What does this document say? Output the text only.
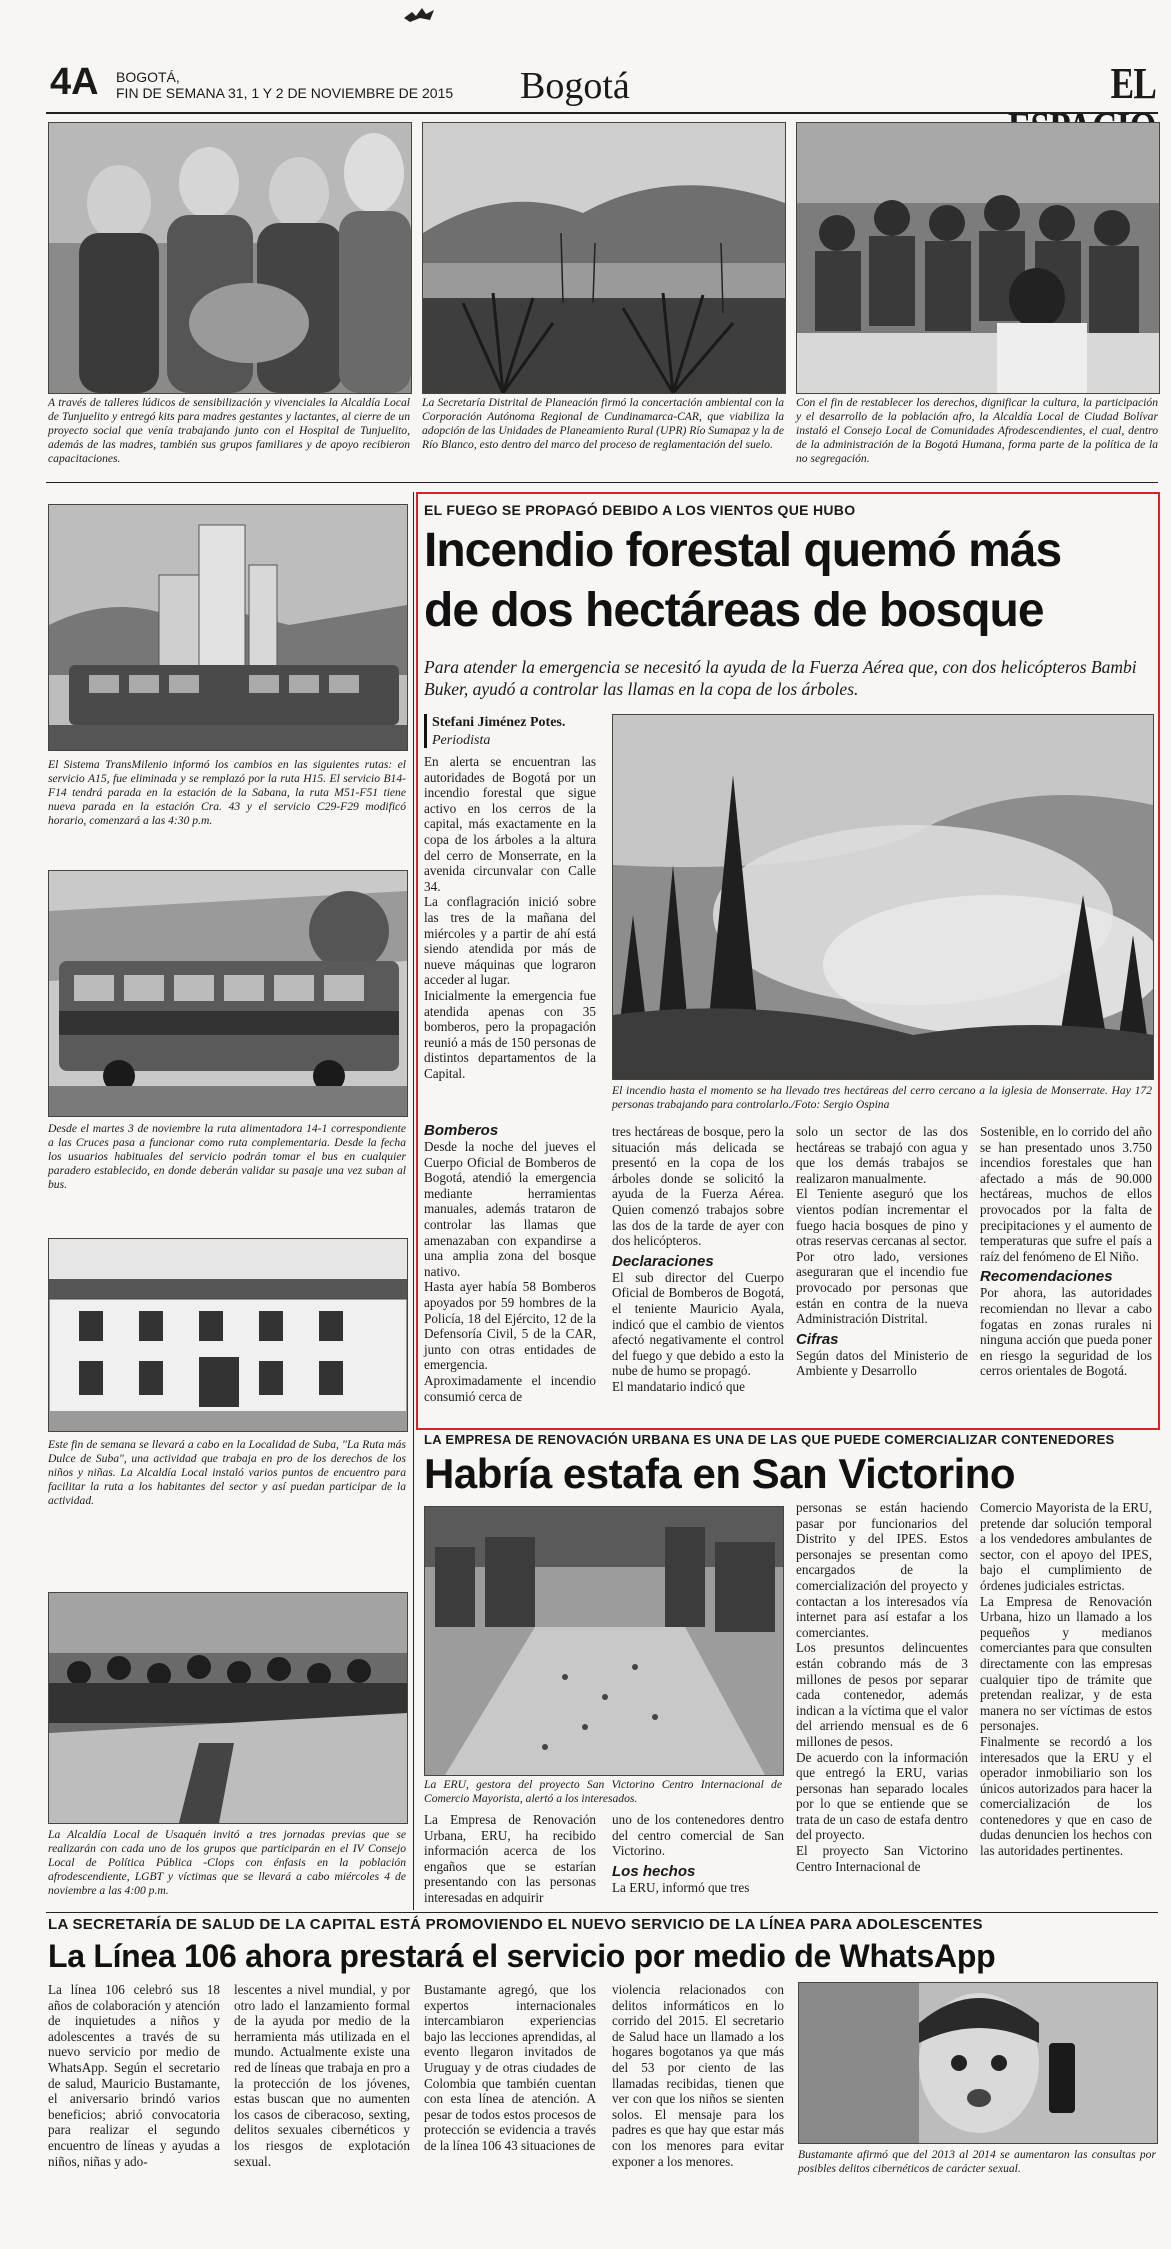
4A BOGOTÁ,
FIN DE SEMANA 31, 1 Y 2 DE NOVIEMBRE DE 2015 Bogotá	EL
A través de talleres lúdicos de sensibilización y vivenciales la Alcaldía Local de Tunjuelito y entregó kits para madres gestantes y lactantes, al cierre de un proyecto social que venía trabajando junto con el Hospital de Tunjuelito, además de las madres, también sus grupos familiares y de apoyo recibieron capacitaciones.
La Secretaría Distrital de Planeación firmó la concertación ambiental con la Corporación Autónoma Regional de Cundinamarca-CAR, que viabiliza la adopción de las Unidades de Planeamiento Rural (UPR) Río Sumapaz y la de Río Blanco, esto dentro del marco del proceso de reglamentación del suelo.
Con el fin de restablecer los derechos, dignificar la cultura, la participación y el desarrollo de la población afro, la Alcaldía Local de Ciudad Bolívar instaló el Consejo Local de Comunidades Afrodescendientes, el cual, dentro de la administración de la Bogotá Humana, forma parte de la política de la no segregación.
El Sistema TransMilenio informó los cambios en las siguientes rutas: el servicio A15, fue eliminada y se remplazó por la ruta H15. El servicio B14-F14 tendrá parada en la estación de la Sabana, la ruta M51-F51 tiene nueva parada en la estación Cra. 43 y el servicio C29-F29 modificó horario, comenzará a las 4:30 p.m.
Desde el martes 3 de noviembre la ruta alimentadora 14-1 correspondiente a las Cruces pasa a funcionar como ruta complementaria. Desde la fecha los usuarios habituales del servicio podrán tomar el bus en cualquier paradero establecido, en donde deberán validar su pasaje una vez suban al bus.
Este fin de semana se llevará a cabo en la Localidad de Suba, "La Ruta más Dulce de Suba", una actividad que trabaja en pro de los derechos de los niños y niñas. La Alcaldía Local instaló varios puntos de encuentro para facilitar la ruta a los habitantes del sector y así puedan participar de la actividad.
La Alcaldía Local de Usaquén invitó a tres jornadas previas que se realizarán con cada uno de los grupos que participarán en el IV Consejo Local de Política Pública -Clops con énfasis en la población afrodescendiente, LGBT y víctimas que se llevará a cabo miércoles 4 de noviembre a las 4:00 p.m.
EL FUEGO SE PROPAGÓ DEBIDO A LOS VIENTOS QUE HUBO
Incendio forestal quemó más
de dos hectáreas de bosque
Para atender la emergencia se necesitó la ayuda de la Fuerza Aérea que, con dos helicópteros Bambi Buker, ayudó a controlar las llamas en la copa de los árboles.
Stefani Jiménez Potes.
Periodista

En alerta se encuentran las autoridades de Bogotá por un incendio forestal que sigue activo en los cerros de la capital, más exactamente en la copa de los árboles a la altura del cerro de Monserrate, en la avenida circunvalar con Calle 34.

La conflagración inició sobre las tres de la mañana del miércoles y a partir de ahí está siendo atendida por más de nueve máquinas que lograron acceder al lugar.

Inicialmente la emergencia fue atendida apenas con 35 bomberos, pero la propagación reunió a más de 150 personas de distintos departamentos de la Capital.

El incendio hasta el momento se ha llevado tres hectáreas del cerro cercano a la iglesia de Monserrate. Hay 172 personas trabajando para controlarlo./Foto: Sergio Ospina

Bomberos

Desde la noche del jueves el Cuerpo Oficial de Bomberos de Bogotá, atendió la emergencia mediante herramientas manuales, además trataron de controlar las llamas que amenazaban con expandirse a una amplia zona del bosque nativo.

Hasta ayer había 58 Bomberos apoyados por 59 hombres de la Policía, 18 del Ejército, 12 de la Defensoría Civil, 5 de la CAR, junto con otras entidades de emergencia.

Aproximadamente el incendio consumió cerca de

tres hectáreas de bosque, pero la situación más delicada se presentó en la copa de los árboles donde se solicitó la ayuda de la Fuerza Aérea. Quien comenzó trabajos sobre las dos de la tarde de ayer con dos helicópteros.

Declaraciones

El sub director del Cuerpo Oficial de Bomberos de Bogotá, el teniente Mauricio Ayala, indicó que el cambio de vientos afectó negativamente el control del fuego y que debido a esto la nube de humo se propagó.

El mandatario indicó que

solo un sector de las dos hectáreas se trabajó con agua y que los demás trabajos se realizaron manualmente.

El Teniente aseguró que los vientos podían incrementar el fuego hacia bosques de pino y otras reservas cercanas al sector.

Por otro lado, versiones aseguraran que el incendio fue provocado por personas que están en contra de la nueva Administración Distrital.

Cifras

Según datos del Ministerio de Ambiente y Desarrollo

Sostenible, en lo corrido del año se han presentado unos 3.750 incendios forestales que han afectado a más de 90.000 hectáreas, muchos de ellos provocados por la falta de precipitaciones y el aumento de temperaturas que sufre el país a raíz del fenómeno de El Niño.

Recomendaciones

Por ahora, las autoridades recomiendan no llevar a cabo fogatas en zonas rurales ni ninguna acción que pueda poner en riesgo la seguridad de los cerros orientales de Bogotá.

LA EMPRESA DE RENOVACIÓN URBANA ES UNA DE LAS QUE PUEDE COMERCIALIZAR CONTENEDORES
Habría estafa en San Victorino
La ERU, gestora del proyecto San Victorino Centro Internacional de Comercio Mayorista, alertó a los interesados.

La Empresa de Renovación Urbana, ERU, ha recibido información acerca de los engaños que se estarían presentando con las personas interesadas en adquirir

uno de los contenedores dentro del centro comercial de San Victorino.

Los hechos

La ERU, informó que tres

personas se están haciendo pasar por funcionarios del Distrito y del IPES. Estos personajes se presentan como encargados de la comercialización del proyecto y contactan a los interesados vía internet para así estafar a los comerciantes.

Los presuntos delincuentes están cobrando más de 3 millones de pesos por separar cada contenedor, además indican a la víctima que el valor del arriendo mensual es de 6 millones de pesos.

De acuerdo con la información que entregó la ERU, varias personas han separado locales por lo que se entiende que se trata de un caso de estafa dentro del proyecto.

El proyecto San Victorino Centro Internacional de

Comercio Mayorista de la ERU, pretende dar solución temporal a los vendedores ambulantes de sector, con el apoyo del IPES, bajo el cumplimiento de órdenes judiciales estrictas.

La Empresa de Renovación Urbana, hizo un llamado a los pequeños y medianos comerciantes para que consulten directamente con las empresas cualquier tipo de trámite que pretendan realizar, y de esta manera no ser víctimas de estos personajes.

Finalmente se recordó a los interesados que la ERU y el operador inmobiliario son los únicos autorizados para hacer la comercialización de los contenedores y que en caso de dudas denuncien los hechos con las autoridades pertinentes.

LA SECRETARÍA DE SALUD DE LA CAPITAL ESTÁ PROMOVIENDO EL NUEVO SERVICIO DE LA LÍNEA PARA ADOLESCENTES
La Línea 106 ahora prestará el servicio por medio de WhatsApp
La línea 106 celebró sus 18 años de colaboración y atención de inquietudes a niños y adolescentes a través de su nuevo servicio por medio de WhatsApp. Según el secretario de salud, Mauricio Bustamante, el aniversario brindó varios beneficios; abrió convocatoria para realizar el segundo encuentro de líneas y ayudas a niños, niñas y ado-
lescentes a nivel mundial, y por otro lado el lanzamiento formal de la ayuda por medio de la herramienta más utilizada en el mundo. Actualmente existe una red de líneas que trabaja en pro a la protección de los jóvenes, estas buscan que no aumenten los casos de ciberacoso, sexting, delitos sexuales cibernéticos y los riesgos de explotación sexual.
Bustamante agregó, que los expertos internacionales intercambiaron experiencias bajo las lecciones aprendidas, al evento llegaron invitados de Uruguay y de otras ciudades de Colombia que también cuentan con esta línea de atención. A pesar de todos estos procesos de protección se evidencia a través de la línea 106 43 situaciones de
violencia relacionados con delitos informáticos en lo corrido del 2015. El secretario de Salud hace un llamado a los hogares bogotanos ya que más del 53 por ciento de las llamadas recibidas, tienen que ver con que los niños se sienten solos. El mensaje para los padres es que hay que estar más con los menores para evitar exponer a los menores.	Bustamante afirmó que del 2013 al 2014 se aumentaron las consultas por posibles delitos cibernéticos de carácter sexual.
